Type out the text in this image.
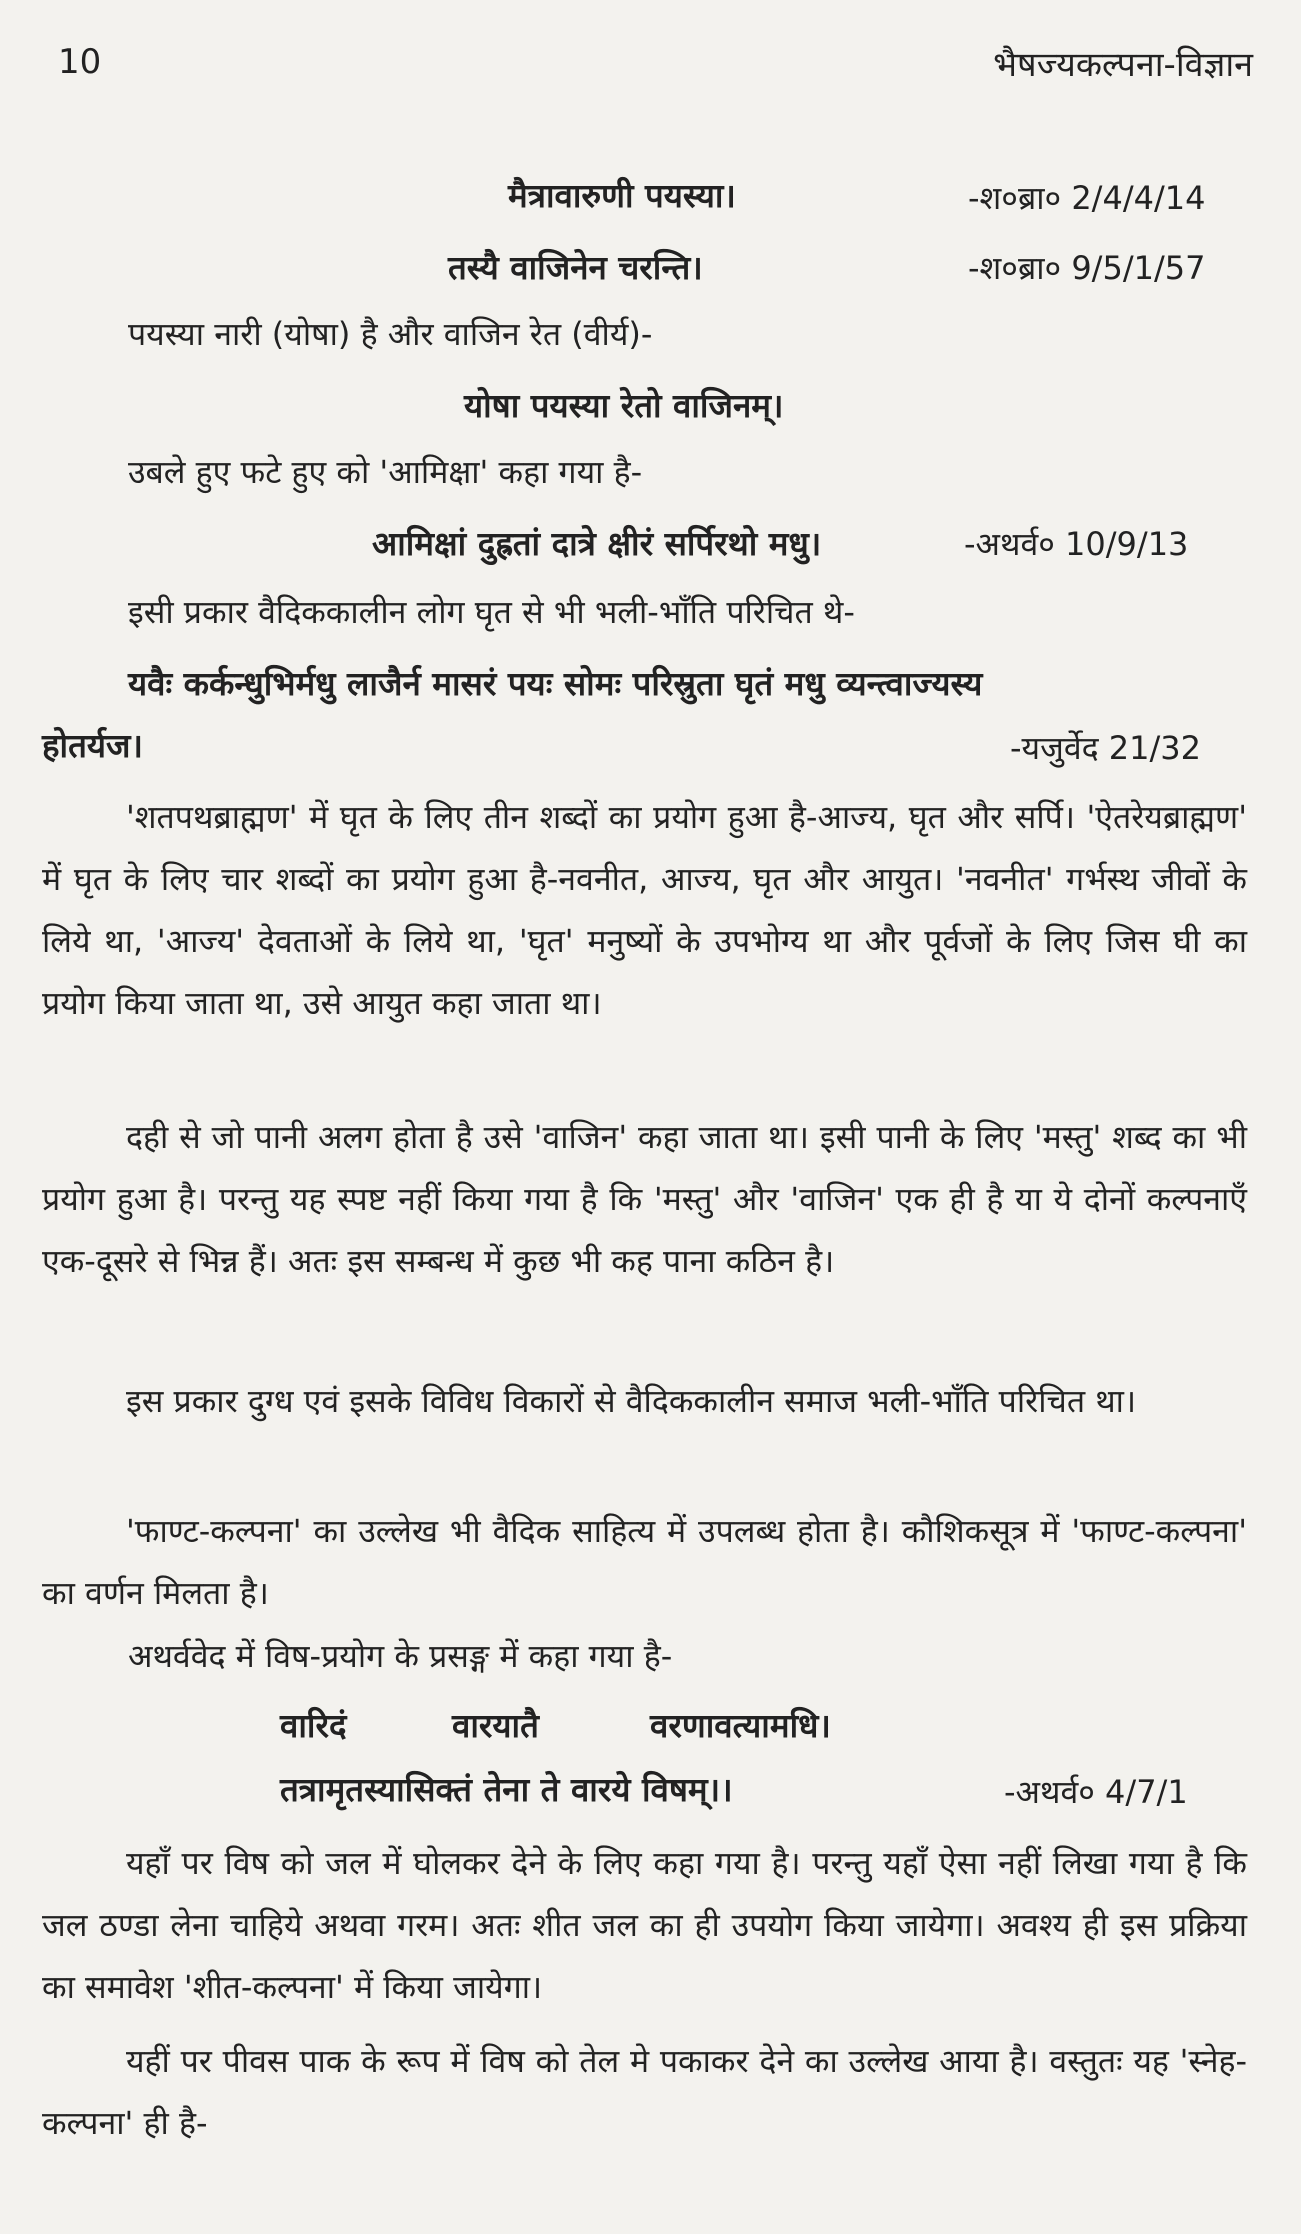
10	भैषज्यकल्पना-विज्ञान
मैत्रावारुणी पयस्या।	-श०ब्रा० 2/4/4/14
तस्यै वाजिनेन चरन्ति।	-श०ब्रा० 9/5/1/57
पयस्या नारी (योषा) है और वाजिन रेत (वीर्य)-
योषा पयस्या रेतो वाजिनम्।
उबले हुए फटे हुए को 'आमिक्षा' कहा गया है-
आमिक्षां दुह्रतां दात्रे क्षीरं सर्पिरथो मधु।	-अथर्व० 10/9/13
इसी प्रकार वैदिककालीन लोग घृत से भी भली-भाँति परिचित थे-
यवैः कर्कन्धुभिर्मधु लाजैर्न मासरं पयः सोमः परिस्रुता घृतं मधु व्यन्त्वाज्यस्य
होतर्यज।	-यजुर्वेद 21/32
'शतपथब्राह्मण' में घृत के लिए तीन शब्दों का प्रयोग हुआ है-आज्य, घृत और सर्पि। 'ऐतरेयब्राह्मण' में घृत के लिए चार शब्दों का प्रयोग हुआ है-नवनीत, आज्य, घृत और आयुत। 'नवनीत' गर्भस्थ जीवों के लिये था, 'आज्य' देवताओं के लिये था, 'घृत' मनुष्यों के उपभोग्य था और पूर्वजों के लिए जिस घी का प्रयोग किया जाता था, उसे आयुत कहा जाता था।
दही से जो पानी अलग होता है उसे 'वाजिन' कहा जाता था। इसी पानी के लिए 'मस्तु' शब्द का भी प्रयोग हुआ है। परन्तु यह स्पष्ट नहीं किया गया है कि 'मस्तु' और 'वाजिन' एक ही है या ये दोनों कल्पनाएँ एक-दूसरे से भिन्न हैं। अतः इस सम्बन्ध में कुछ भी कह पाना कठिन है।
इस प्रकार दुग्ध एवं इसके विविध विकारों से वैदिककालीन समाज भली-भाँति परिचित था।
'फाण्ट-कल्पना' का उल्लेख भी वैदिक साहित्य में उपलब्ध होता है। कौशिकसूत्र में 'फाण्ट-कल्पना' का वर्णन मिलता है।
अथर्ववेद में विष-प्रयोग के प्रसङ्ग में कहा गया है-
वारिदं	वारयातै	वरणावत्यामधि।
तत्रामृतस्यासिक्तं तेना ते वारये विषम्।।	-अथर्व० 4/7/1
यहाँ पर विष को जल में घोलकर देने के लिए कहा गया है। परन्तु यहाँ ऐसा नहीं लिखा गया है कि जल ठण्डा लेना चाहिये अथवा गरम। अतः शीत जल का ही उपयोग किया जायेगा। अवश्य ही इस प्रक्रिया का समावेश 'शीत-कल्पना' में किया जायेगा।
यहीं पर पीवस पाक के रूप में विष को तेल मे पकाकर देने का उल्लेख आया है। वस्तुतः यह 'स्नेह-कल्पना' ही है-
